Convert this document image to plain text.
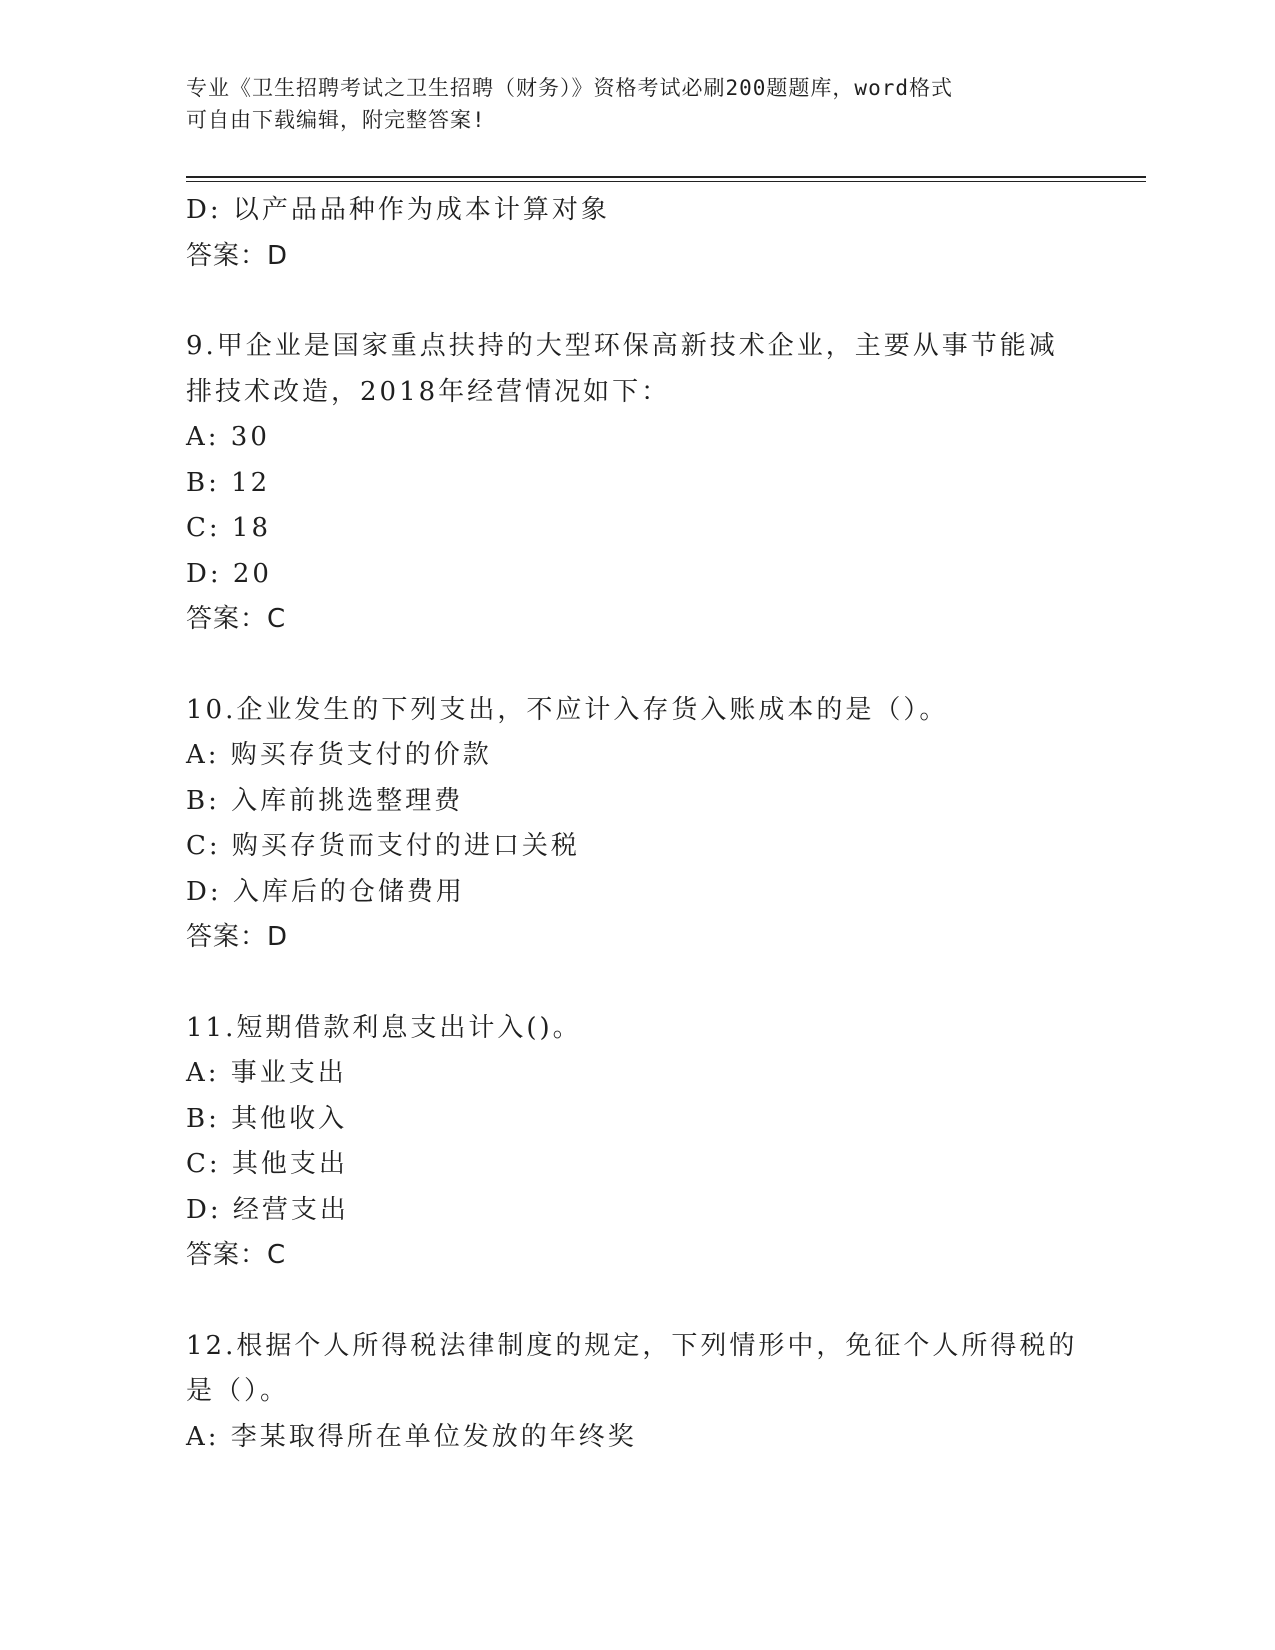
专业《卫生招聘考试之卫生招聘（财务）》资格考试必刷200题题库，word格式
可自由下载编辑，附完整答案!
D: 以产品品种作为成本计算对象
答案：D
9.甲企业是国家重点扶持的大型环保高新技术企业，主要从事节能减
排技术改造，2018年经营情况如下：
A: 30
B: 12
C: 18
D: 20
答案：C
10.企业发生的下列支出，不应计入存货入账成本的是（）。
A: 购买存货支付的价款
B: 入库前挑选整理费
C: 购买存货而支付的进口关税
D: 入库后的仓储费用
答案：D
11.短期借款利息支出计入()。
A: 事业支出
B: 其他收入
C: 其他支出
D: 经营支出
答案：C
12.根据个人所得税法律制度的规定，下列情形中，免征个人所得税的
是（）。
A: 李某取得所在单位发放的年终奖
